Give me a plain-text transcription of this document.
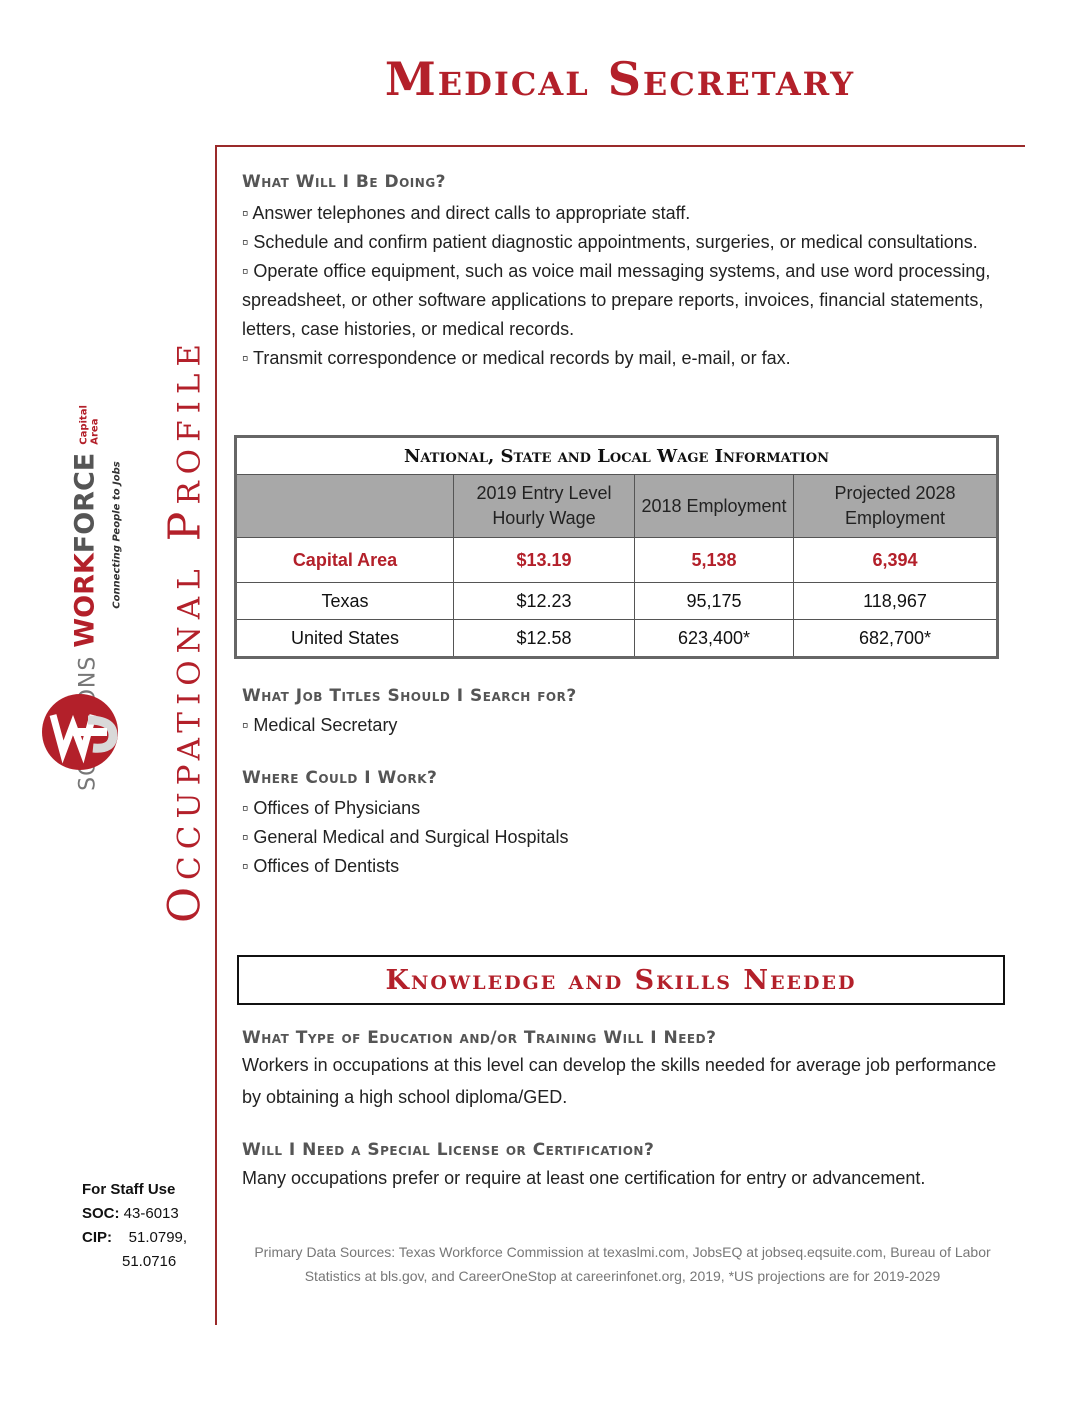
Medical Secretary
Occupational Profile
WORKFORCE
Capital
Area
Connecting People to Jobs
What Will I Be Doing?

▫ Answer telephones and direct calls to appropriate staff.

▫ Schedule and confirm patient diagnostic appointments, surgeries, or medical consultations.

▫ Operate office equipment, such as voice mail messaging systems, and use word processing, spreadsheet, or other software applications to prepare reports, invoices, financial statements, letters, case histories, or medical records.

▫ Transmit correspondence or medical records by mail, e-mail, or fax.

National, State and Local Wage Information			
	2019 Entry Level Hourly Wage	2018 Employment	Projected 2028 Employment
Capital Area	$13.19	5,138	6,394
Texas	$12.23	95,175	118,967
United States	$12.58	623,400*	682,700*
What Job Titles Should I Search for?

▫ Medical Secretary

Where Could I Work?

▫ Offices of Physicians

▫ General Medical and Surgical Hospitals

▫ Offices of Dentists

Knowledge and Skills Needed
What Type of Education and/or Training Will I Need?
Workers in occupations at this level can develop the skills needed for average job performance by obtaining a high school diploma/GED.
Will I Need a Special License or Certification?
Many occupations prefer or require at least one certification for entry or advancement.
For Staff Use
SOC: 43-6013
CIP: 51.0799,
51.0716

Primary Data Sources: Texas Workforce Commission at texaslmi.com, JobsEQ at jobseq.eqsuite.com, Bureau of Labor Statistics at bls.gov, and CareerOneStop at careerinfonet.org, 2019, *US projections are for 2019-2029
